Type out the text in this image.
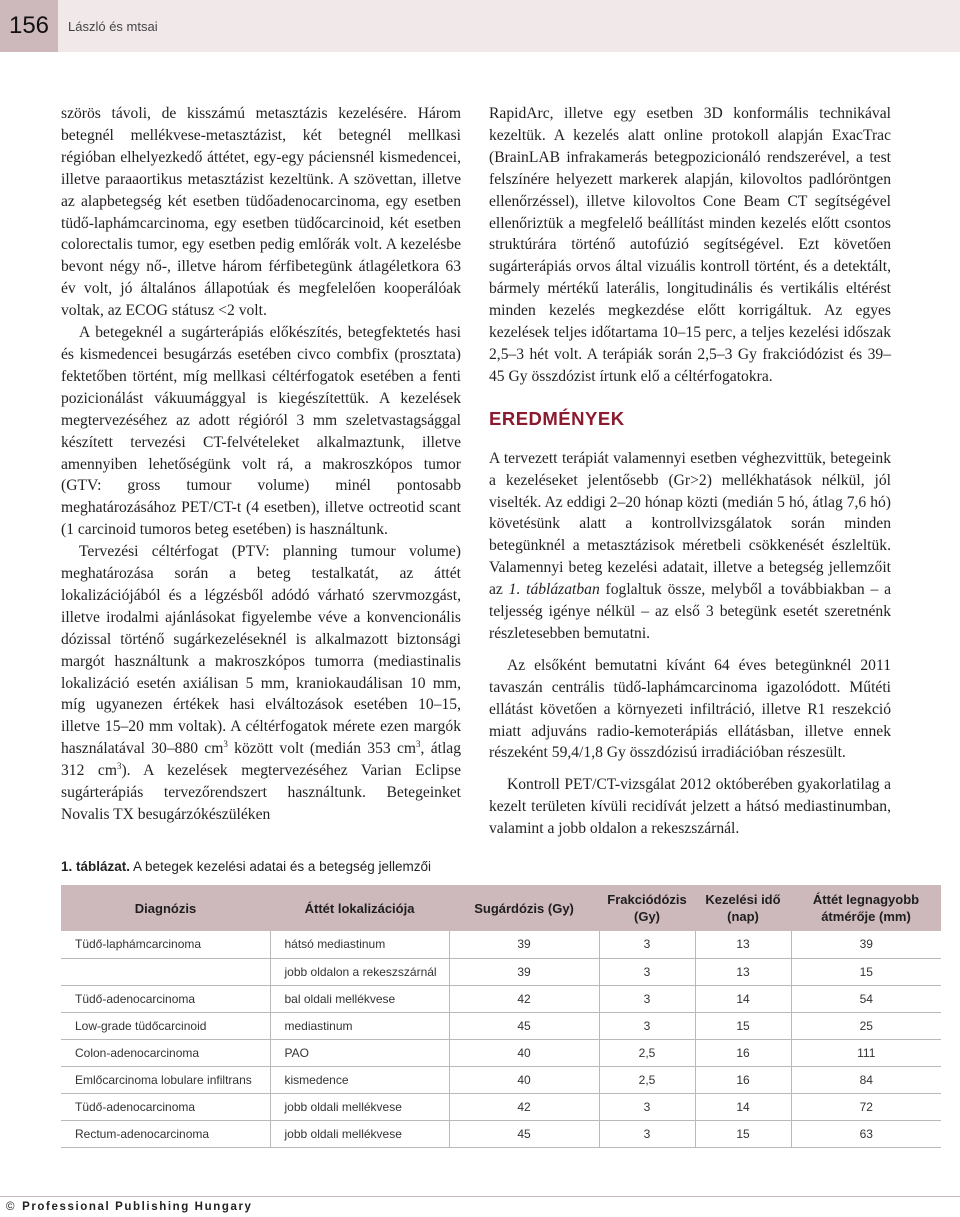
156	László és mtsai

szörös távoli, de kisszámú metasztázis kezelésére. Három betegnél mellékvese-metasztázist, két betegnél mellkasi régióban elhelyezkedő áttétet, egy-egy páciensnél kismedencei, illetve paraaortikus metasztázist kezeltünk. A szövettan, illetve az alapbetegség két esetben tüdőadenocarcinoma, egy esetben tüdő-laphámcarcinoma, egy esetben tüdőcarcinoid, két esetben colorectalis tumor, egy esetben pedig emlőrák volt. A kezelésbe bevont négy nő-, illetve három férfibetegünk átlagéletkora 63 év volt, jó általános állapotúak és megfelelően kooperálóak voltak, az ECOG státusz <2 volt.

A betegeknél a sugárterápiás előkészítés, betegfektetés hasi és kismedencei besugárzás esetében civco combfix (prosztata) fektetőben történt, míg mellkasi céltérfogatok esetében a fenti pozicionálást vákuumággyal is kiegészítettük. A kezelések megtervezéséhez az adott régióról 3 mm szeletvastagsággal készített tervezési CT-felvételeket alkalmaztunk, illetve amennyiben lehetőségünk volt rá, a makroszkópos tumor (GTV: gross tumour volume) minél pontosabb meghatározásához PET/CT-t (4 esetben), illetve octreotid scant (1 carcinoid tumoros beteg esetében) is használtunk.

Tervezési céltérfogat (PTV: planning tumour volume) meghatározása során a beteg testalkatát, az áttét lokalizációjából és a légzésből adódó várható szervmozgást, illetve irodalmi ajánlásokat figyelembe véve a konvencionális dózissal történő sugárkezeléseknél is alkalmazott biztonsági margót használtunk a makroszkópos tumorra (mediastinalis lokalizáció esetén axiálisan 5 mm, kraniokaudálisan 10 mm, míg ugyanezen értékek hasi elváltozások esetében 10–15, illetve 15–20 mm voltak). A céltérfogatok mérete ezen margók használatával 30–880 $cm^3$ között volt (medián 353 $cm^3$, átlag 312 $cm^3$). A kezelések megtervezéséhez Varian Eclipse sugárterápiás tervezőrendszert használtunk. Betegeinket Novalis TX besugárzókészüléken

RapidArc, illetve egy esetben 3D konformális technikával kezeltük. A kezelés alatt online protokoll alapján ExacTrac (BrainLAB infrakamerás betegpozicionáló rendszerével, a test felszínére helyezett markerek alapján, kilovoltos padlóröntgen ellenőrzéssel), illetve kilovoltos Cone Beam CT segítségével ellenőriztük a megfelelő beállítást minden kezelés előtt csontos struktúrára történő autofúzió segítségével. Ezt követően sugárterápiás orvos által vizuális kontroll történt, és a detektált, bármely mértékű laterális, longitudinális és vertikális eltérést minden kezelés megkezdése előtt korrigáltuk. Az egyes kezelések teljes időtartama 10–15 perc, a teljes kezelési időszak 2,5–3 hét volt. A terápiák során 2,5–3 Gy frakciódózist és 39–45 Gy összdózist írtunk elő a céltérfogatokra.

EREDMÉNYEK

A tervezett terápiát valamennyi esetben véghezvittük, betegeink a kezeléseket jelentősebb (Gr>2) mellékhatások nélkül, jól viselték. Az eddigi 2–20 hónap közti (medián 5 hó, átlag 7,6 hó) követésünk alatt a kontrollvizsgálatok során minden betegünknél a metasztázisok méretbeli csökkenését észleltük. Valamennyi beteg kezelési adatait, illetve a betegség jellemzőit az 1. táblázatban foglaltuk össze, melyből a továbbiakban – a teljesség igénye nélkül – az első 3 betegünk esetét szeretnénk részletesebben bemutatni.

Az elsőként bemutatni kívánt 64 éves betegünknél 2011 tavaszán centrális tüdő-laphámcarcinoma igazolódott. Műtéti ellátást követően a környezeti infiltráció, illetve R1 reszekció miatt adjuváns radio-kemoterápiás ellátásban, illetve ennek részeként 59,4/1,8 Gy összdózisú irradiációban részesült.

Kontroll PET/CT-vizsgálat 2012 októberében gyakorlatilag a kezelt területen kívüli recidívát jelzett a hátsó mediastinumban, valamint a jobb oldalon a rekeszszárnál.

1. táblázat. A betegek kezelési adatai és a betegség jellemzői
Diagnózis	Áttét lokalizációja	Sugárdózis (Gy)	Frakciódózis (Gy)	Kezelési idő (nap)	Áttét legnagyobb átmérője (mm)
Tüdő-laphámcarcinoma	hátsó mediastinum	39	3	13	39
	jobb oldalon a rekeszszárnál	39	3	13	15
Tüdő-adenocarcinoma	bal oldali mellékvese	42	3	14	54
Low-grade tüdőcarcinoid	mediastinum	45	3	15	25
Colon-adenocarcinoma	PAO	40	2,5	16	111
Emlőcarcinoma lobulare infiltrans	kismedence	40	2,5	16	84
Tüdő-adenocarcinoma	jobb oldali mellékvese	42	3	14	72
Rectum-adenocarcinoma	jobb oldali mellékvese	45	3	15	63
© Professional Publishing Hungary
